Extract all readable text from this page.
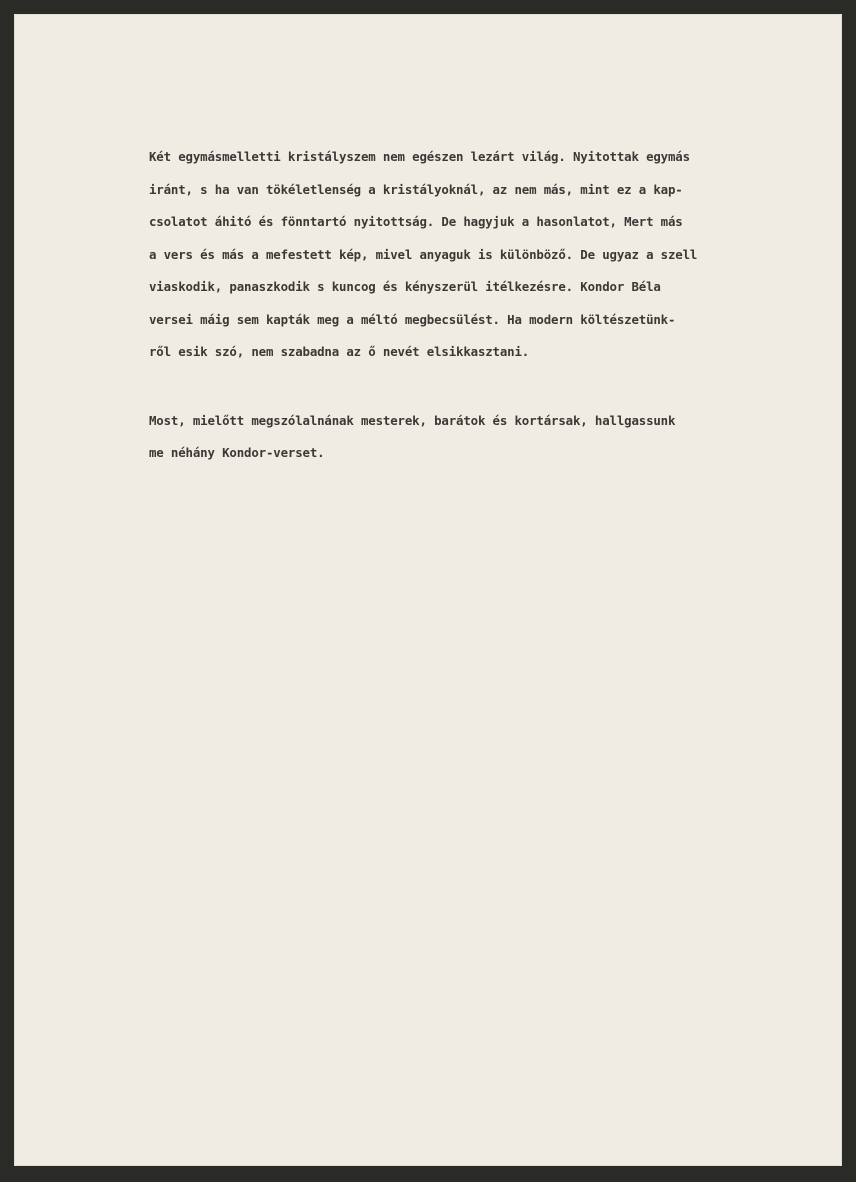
Két egymásmelletti kristályszem nem egészen lezárt világ. Nyitottak egymás
iránt, s ha van tökéletlenség a kristályoknál, az nem más, mint ez a kap-
csolatot áhitó és fönntartó nyitottság. De hagyjuk a hasonlatot, Mert más
a vers és más a mefestett kép, mivel anyaguk is különböző. De ugyaz a szell
viaskodik, panaszkodik s kuncog és kényszerül itélkezésre. Kondor Béla
versei máig sem kapták meg a méltó megbecsülést. Ha modern költészetünk-
ről esik szó, nem szabadna az ő nevét elsikkasztani.
Most, mielőtt megszólalnának mesterek, barátok és kortársak, hallgassunk
me néhány Kondor-verset.
